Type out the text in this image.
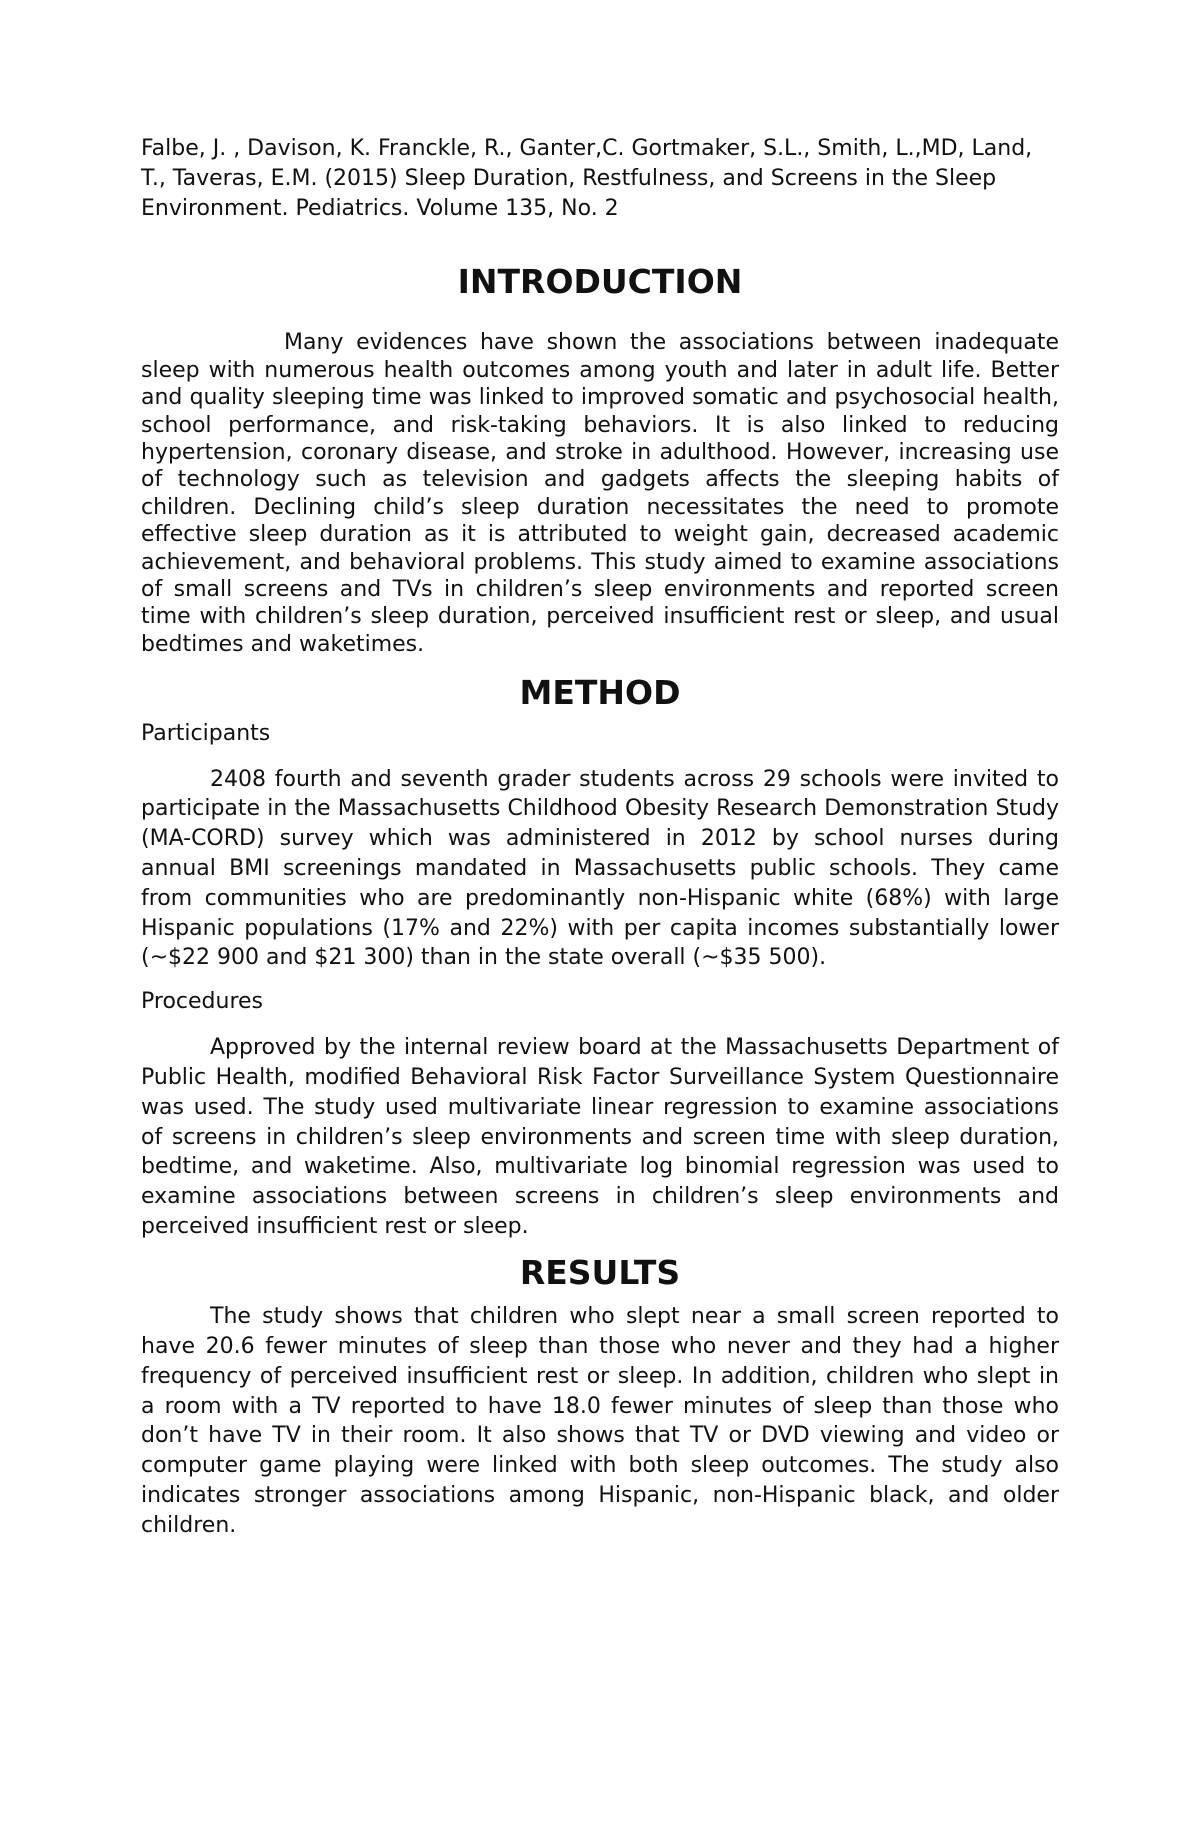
Falbe, J. , Davison, K. Franckle, R., Ganter,C. Gortmaker, S.L., Smith, L.,MD, Land, T., Taveras, E.M. (2015) Sleep Duration, Restfulness, and Screens in the Sleep Environment. Pediatrics. Volume 135, No. 2

INTRODUCTION

Many evidences have shown the associations between inadequate sleep with numerous health outcomes among youth and later in adult life. Better and quality sleeping time was linked to improved somatic and psychosocial health, school performance, and risk-taking behaviors. It is also linked to reducing hypertension, coronary disease, and stroke in adulthood. However, increasing use of technology such as television and gadgets affects the sleeping habits of children. Declining child’s sleep duration necessitates the need to promote effective sleep duration as it is attributed to weight gain, decreased academic achievement, and behavioral problems. This study aimed to examine associations of small screens and TVs in children’s sleep environments and reported screen time with children’s sleep duration, perceived insufficient rest or sleep, and usual bedtimes and waketimes.

METHOD

Participants

2408 fourth and seventh grader students across 29 schools were invited to participate in the Massachusetts Childhood Obesity Research Demonstration Study (MA-CORD) survey which was administered in 2012 by school nurses during annual BMI screenings mandated in Massachusetts public schools. They came from communities who are predominantly non-Hispanic white (68%) with large Hispanic populations (17% and 22%) with per capita incomes substantially lower (~$22 900 and $21 300) than in the state overall (~$35 500).

Procedures

Approved by the internal review board at the Massachusetts Department of Public Health, modified Behavioral Risk Factor Surveillance System Questionnaire was used. The study used multivariate linear regression to examine associations of screens in children’s sleep environments and screen time with sleep duration, bedtime, and waketime. Also, multivariate log binomial regression was used to examine associations between screens in children’s sleep environments and perceived insufficient rest or sleep.

RESULTS

The study shows that children who slept near a small screen reported to have 20.6 fewer minutes of sleep than those who never and they had a higher frequency of perceived insufficient rest or sleep. In addition, children who slept in a room with a TV reported to have 18.0 fewer minutes of sleep than those who don’t have TV in their room. It also shows that TV or DVD viewing and video or computer game playing were linked with both sleep outcomes. The study also indicates stronger associations among Hispanic, non-Hispanic black, and older children.
